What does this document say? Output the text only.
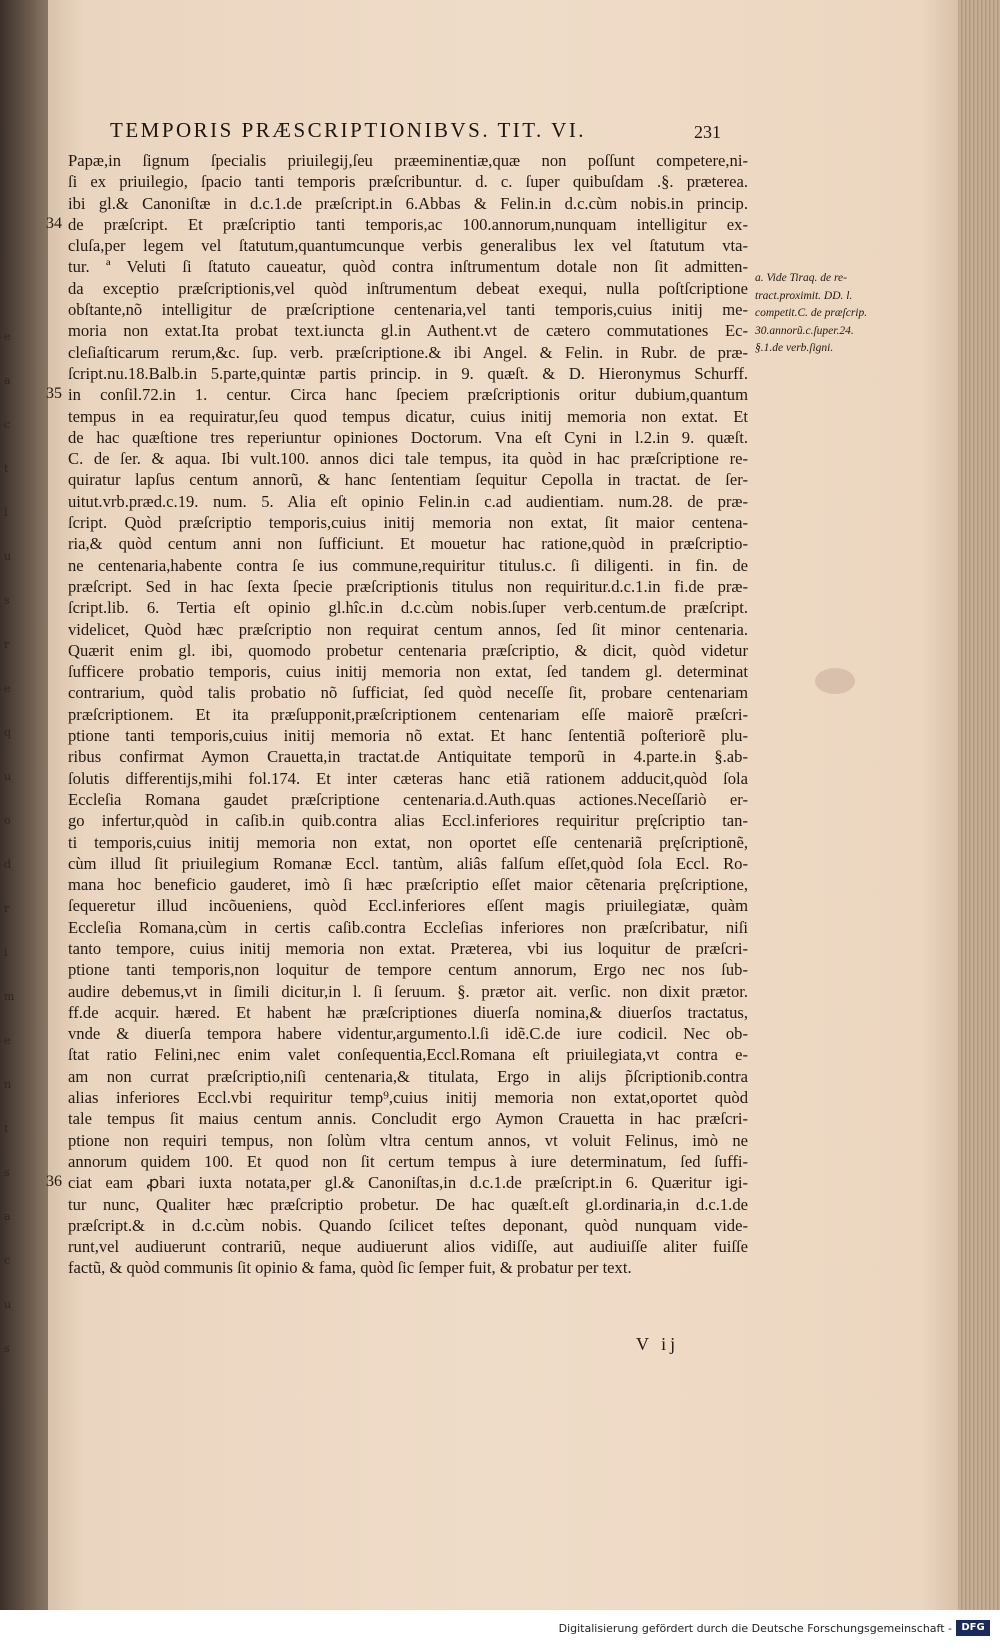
e
a
c
t
l
u
s
r
e
q
u
o
d
r
i
m
e
n
t
s
a
c
u
s
TEMPORIS PRÆSCRIPTIONIBVS. TIT. VI.	231
Papæ,in ſignum ſpecialis priuilegij,ſeu præeminentiæ,quæ non poſſunt competere,ni-
ſi ex priuilegio, ſpacio tanti temporis præſcribuntur. d. c. ſuper quibuſdam .§. præterea.
ibi gl.& Canoniſtæ in d.c.1.de præſcript.in 6.Abbas & Felin.in d.c.cùm nobis.in princip.
de præſcript. Et præſcriptio tanti temporis,ac 100.annorum,nunquam intelligitur ex-
cluſa,per legem vel ſtatutum,quantumcunque verbis generalibus lex vel ſtatutum vta-
tur. ª Veluti ſi ſtatuto caueatur, quòd contra inſtrumentum dotale non ſit admitten-
da exceptio præſcriptionis,vel quòd inſtrumentum debeat exequi, nulla poſtſcriptione
obſtante,nõ intelligitur de præſcriptione centenaria,vel tanti temporis,cuius initij me-
moria non extat.Ita probat text.iuncta gl.in Authent.vt de cætero commutationes Ec-
cleſiaſticarum rerum,&c. ſup. verb. præſcriptione.& ibi Angel. & Felin. in Rubr. de præ-
ſcript.nu.18.Balb.in 5.parte,quintæ partis princip. in 9. quæſt. & D. Hieronymus Schurff.
in conſil.72.in 1. centur. Circa hanc ſpeciem præſcriptionis oritur dubium,quantum
tempus in ea requiratur,ſeu quod tempus dicatur, cuius initij memoria non extat. Et
de hac quæſtione tres reperiuntur opiniones Doctorum. Vna eſt Cyni in l.2.in 9. quæſt.
C. de ſer. & aqua. Ibi vult.100. annos dici tale tempus, ita quòd in hac præſcriptione re-
quiratur lapſus centum annorũ, & hanc ſententiam ſequitur Cepolla in tractat. de ſer-
uitut.vrb.præd.c.19. num. 5. Alia eſt opinio Felin.in c.ad audientiam. num.28. de præ-
ſcript. Quòd præſcriptio temporis,cuius initij memoria non extat, ſit maior centena-
ria,& quòd centum anni non ſufficiunt. Et mouetur hac ratione,quòd in præſcriptio-
ne centenaria,habente contra ſe ius commune,requiritur titulus.c. ſi diligenti. in fin. de
præſcript. Sed in hac ſexta ſpecie præſcriptionis titulus non requiritur.d.c.1.in fi.de præ-
ſcript.lib. 6. Tertia eſt opinio gl.hîc.in d.c.cùm nobis.ſuper verb.centum.de præſcript.
videlicet, Quòd hæc præſcriptio non requirat centum annos, ſed ſit minor centenaria.
Quærit enim gl. ibi, quomodo probetur centenaria præſcriptio, & dicit, quòd videtur
ſufficere probatio temporis, cuius initij memoria non extat, ſed tandem gl. determinat
contrarium, quòd talis probatio nõ ſufficiat, ſed quòd neceſſe ſit, probare centenariam
præſcriptionem. Et ita præſupponit,præſcriptionem centenariam eſſe maiorẽ præſcri-
ptione tanti temporis,cuius initij memoria nõ extat. Et hanc ſententiã poſteriorẽ plu-
ribus confirmat Aymon Crauetta,in tractat.de Antiquitate temporũ in 4.parte.in §.ab-
ſolutis differentijs,mihi fol.174. Et inter cæteras hanc etiã rationem adducit,quòd ſola
Eccleſia Romana gaudet præſcriptione centenaria.d.Auth.quas actiones.Neceſſariò er-
go infertur,quòd in caſib.in quib.contra alias Eccl.inferiores requiritur pręſcriptio tan-
ti temporis,cuius initij memoria non extat, non oportet eſſe centenariã pręſcriptionẽ,
cùm illud ſit priuilegium Romanæ Eccl. tantùm, aliâs falſum eſſet,quòd ſola Eccl. Ro-
mana hoc beneficio gauderet, imò ſi hæc præſcriptio eſſet maior cẽtenaria pręſcriptione,
ſequeretur illud incõueniens, quòd Eccl.inferiores eſſent magis priuilegiatæ, quàm
Eccleſia Romana,cùm in certis caſib.contra Eccleſias inferiores non præſcribatur, niſi
tanto tempore, cuius initij memoria non extat. Præterea, vbi ius loquitur de præſcri-
ptione tanti temporis,non loquitur de tempore centum annorum, Ergo nec nos ſub-
audire debemus,vt in ſimili dicitur,in l. ſi ſeruum. §. prætor ait. verſic. non dixit prætor.
ff.de acquir. hæred. Et habent hæ præſcriptiones diuerſa nomina,& diuerſos tractatus,
vnde & diuerſa tempora habere videntur,argumento.l.ſi idẽ.C.de iure codicil. Nec ob-
ſtat ratio Felini,nec enim valet conſequentia,Eccl.Romana eſt priuilegiata,vt contra e-
am non currat præſcriptio,niſi centenaria,& titulata, Ergo in alijs p̃ſcriptionib.contra
alias inferiores Eccl.vbi requiritur temp⁹,cuius initij memoria non extat,oportet quòd
tale tempus ſit maius centum annis. Concludit ergo Aymon Crauetta in hac præſcri-
ptione non requiri tempus, non ſolùm vltra centum annos, vt voluit Felinus, imò ne
annorum quidem 100. Et quod non ſit certum tempus à iure determinatum, ſed ſuffi-
ciat eam ꝓbari iuxta notata,per gl.& Canoniſtas,in d.c.1.de præſcript.in 6. Quæritur igi-
tur nunc, Qualiter hæc præſcriptio probetur. De hac quæſt.eſt gl.ordinaria,in d.c.1.de
præſcript.& in d.c.cùm nobis. Quando ſcilicet teſtes deponant, quòd nunquam vide-
runt,vel audiuerunt contrariũ, neque audiuerunt alios vidiſſe, aut audiuiſſe aliter fuiſſe
factũ, & quòd communis ſit opinio & fama, quòd ſic ſemper fuit, & probatur per text.
34
35
36
a. Vide Tiraq. de re-
tract.proximit. DD. l.
competit.C. de præſcrip.
30.annorũ.c.ſuper.24.
§.1.de verb.ſigni.
V ij
Digitalisierung gefördert durch die Deutsche Forschungsgemeinschaft - DFG
